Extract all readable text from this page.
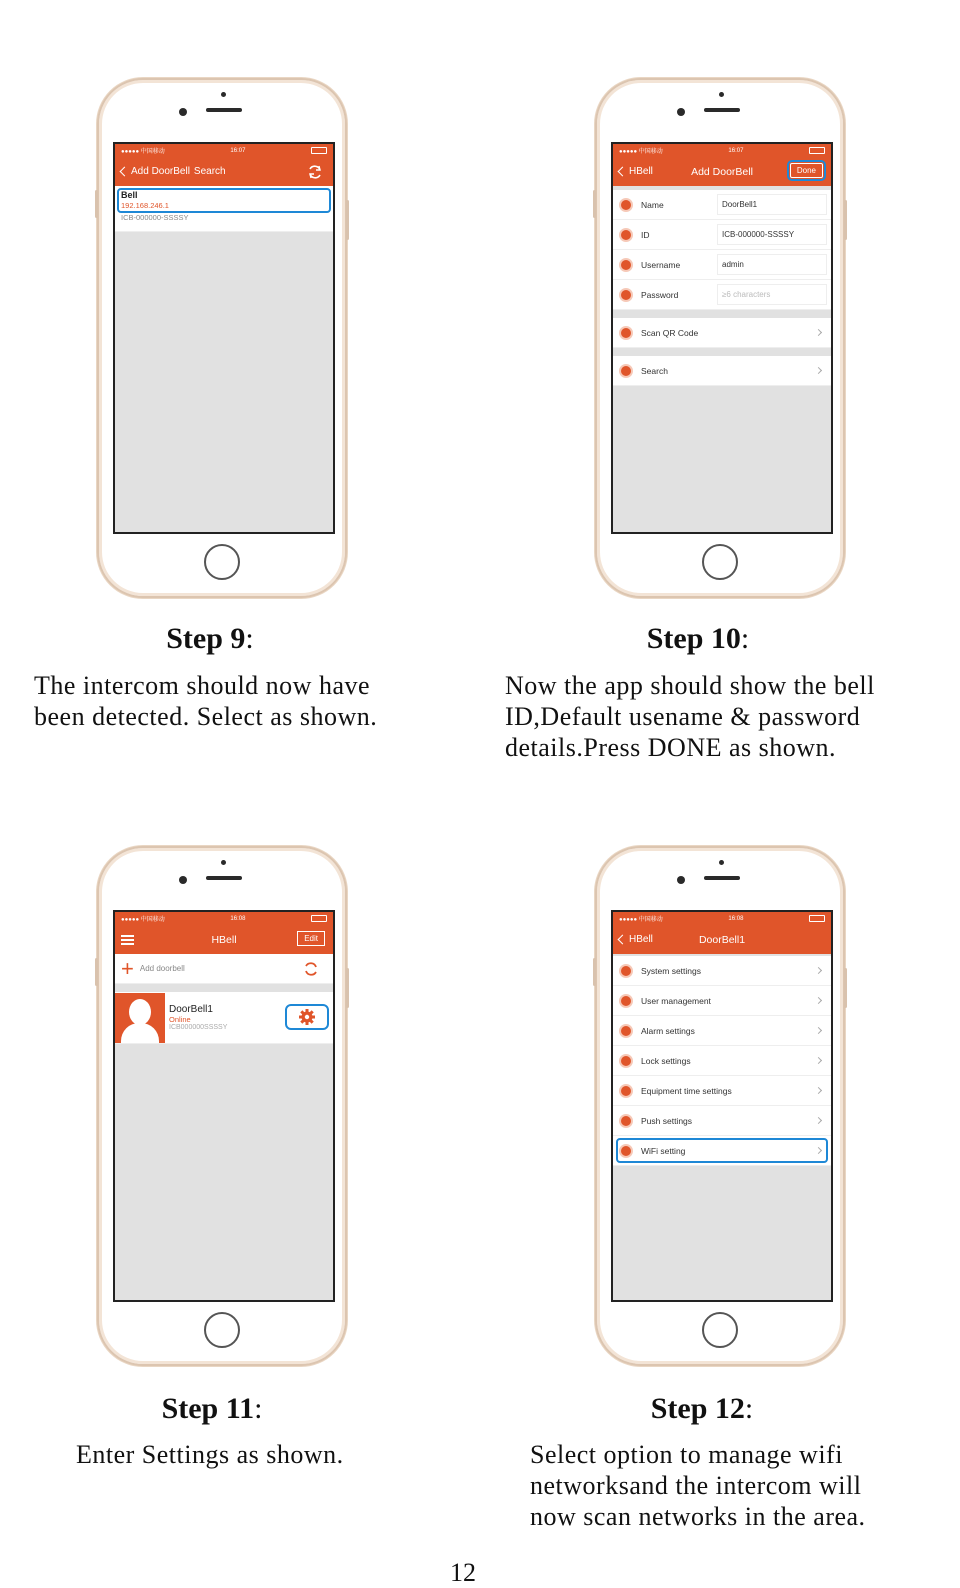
●●●●● 中国移动	16:07
Add DoorBell Search
Bell
192.168.246.1
ICB-000000-SSSSY
●●●●● 中国移动	16:07
HBell	Add DoorBell	Done
Name	DoorBell1
ID	ICB-000000-SSSSY
Username	admin
Password	≥6 characters
Scan QR Code
Search
●●●●● 中国移动	16:08
HBell	Edit
+ Add doorbell
DoorBell1
Online
ICB000000SSSSY
●●●●● 中国移动	16:08
HBell	DoorBell1
System settings
User management
Alarm settings
Lock settings
Equipment time settings
Push settings
WiFi setting
Step 9:
The intercom should now have
been detected. Select as shown.
Step 10:
Now the app should show the bell
ID,Default usename & password
details.Press DONE as shown.
Step 11:
Enter Settings as shown.
Step 12:
Select option to manage wifi
networksand the intercom will
now scan networks in the area.
12
